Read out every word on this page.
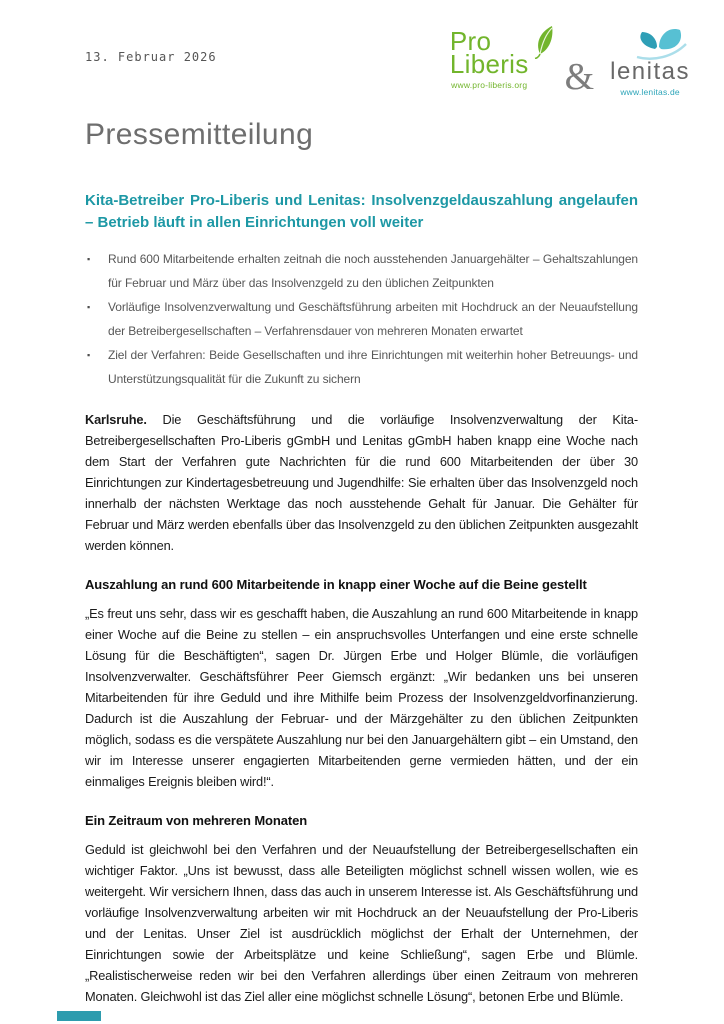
13. Februar 2026
Pro
Liberis
www.pro-liberis.org & lenitas
www.lenitas.de
Pressemitteilung
Kita-Betreiber Pro-Liberis und Lenitas: Insolvenzgeldauszahlung angelaufen – Betrieb läuft in allen Einrichtungen voll weiter
▪ Rund 600 Mitarbeitende erhalten zeitnah die noch ausstehenden Januargehälter – Gehaltszahlungen für Februar und März über das Insolvenzgeld zu den üblichen Zeitpunkten
▪ Vorläufige Insolvenzverwaltung und Geschäftsführung arbeiten mit Hochdruck an der Neuaufstellung der Betreibergesellschaften – Verfahrensdauer von mehreren Monaten erwartet
▪ Ziel der Verfahren: Beide Gesellschaften und ihre Einrichtungen mit weiterhin hoher Betreuungs- und Unterstützungsqualität für die Zukunft zu sichern

Karlsruhe. Die Geschäftsführung und die vorläufige Insolvenzverwaltung der Kita-Betreibergesellschaften Pro-Liberis gGmbH und Lenitas gGmbH haben knapp eine Woche nach dem Start der Verfahren gute Nachrichten für die rund 600 Mitarbeitenden der über 30 Einrichtungen zur Kindertagesbetreuung und Jugendhilfe: Sie erhalten über das Insolvenzgeld noch innerhalb der nächsten Werktage das noch ausstehende Gehalt für Januar. Die Gehälter für Februar und März werden ebenfalls über das Insolvenzgeld zu den üblichen Zeitpunkten ausgezahlt werden können.

Auszahlung an rund 600 Mitarbeitende in knapp einer Woche auf die Beine gestellt

„Es freut uns sehr, dass wir es geschafft haben, die Auszahlung an rund 600 Mitarbeitende in knapp einer Woche auf die Beine zu stellen – ein anspruchsvolles Unterfangen und eine erste schnelle Lösung für die Beschäftigten“, sagen Dr. Jürgen Erbe und Holger Blümle, die vorläufigen Insolvenzverwalter. Geschäftsführer Peer Giemsch ergänzt: „Wir bedanken uns bei unseren Mitarbeitenden für ihre Geduld und ihre Mithilfe beim Prozess der Insolvenzgeldvorfinanzierung. Dadurch ist die Auszahlung der Februar- und der Märzgehälter zu den üblichen Zeitpunkten möglich, sodass es die verspätete Auszahlung nur bei den Januargehältern gibt – ein Umstand, den wir im Interesse unserer engagierten Mitarbeitenden gerne vermieden hätten, und der ein einmaliges Ereignis bleiben wird!“.

Ein Zeitraum von mehreren Monaten

Geduld ist gleichwohl bei den Verfahren und der Neuaufstellung der Betreibergesellschaften ein wichtiger Faktor. „Uns ist bewusst, dass alle Beteiligten möglichst schnell wissen wollen, wie es weitergeht. Wir versichern Ihnen, dass das auch in unserem Interesse ist. Als Geschäftsführung und vorläufige Insolvenzverwaltung arbeiten wir mit Hochdruck an der Neuaufstellung der Pro-Liberis und der Lenitas. Unser Ziel ist ausdrücklich möglichst der Erhalt der Unternehmen, der Einrichtungen sowie der Arbeitsplätze und keine Schließung“, sagen Erbe und Blümle. „Realistischerweise reden wir bei den Verfahren allerdings über einen Zeitraum von mehreren Monaten. Gleichwohl ist das Ziel aller eine möglichst schnelle Lösung“, betonen Erbe und Blümle.
